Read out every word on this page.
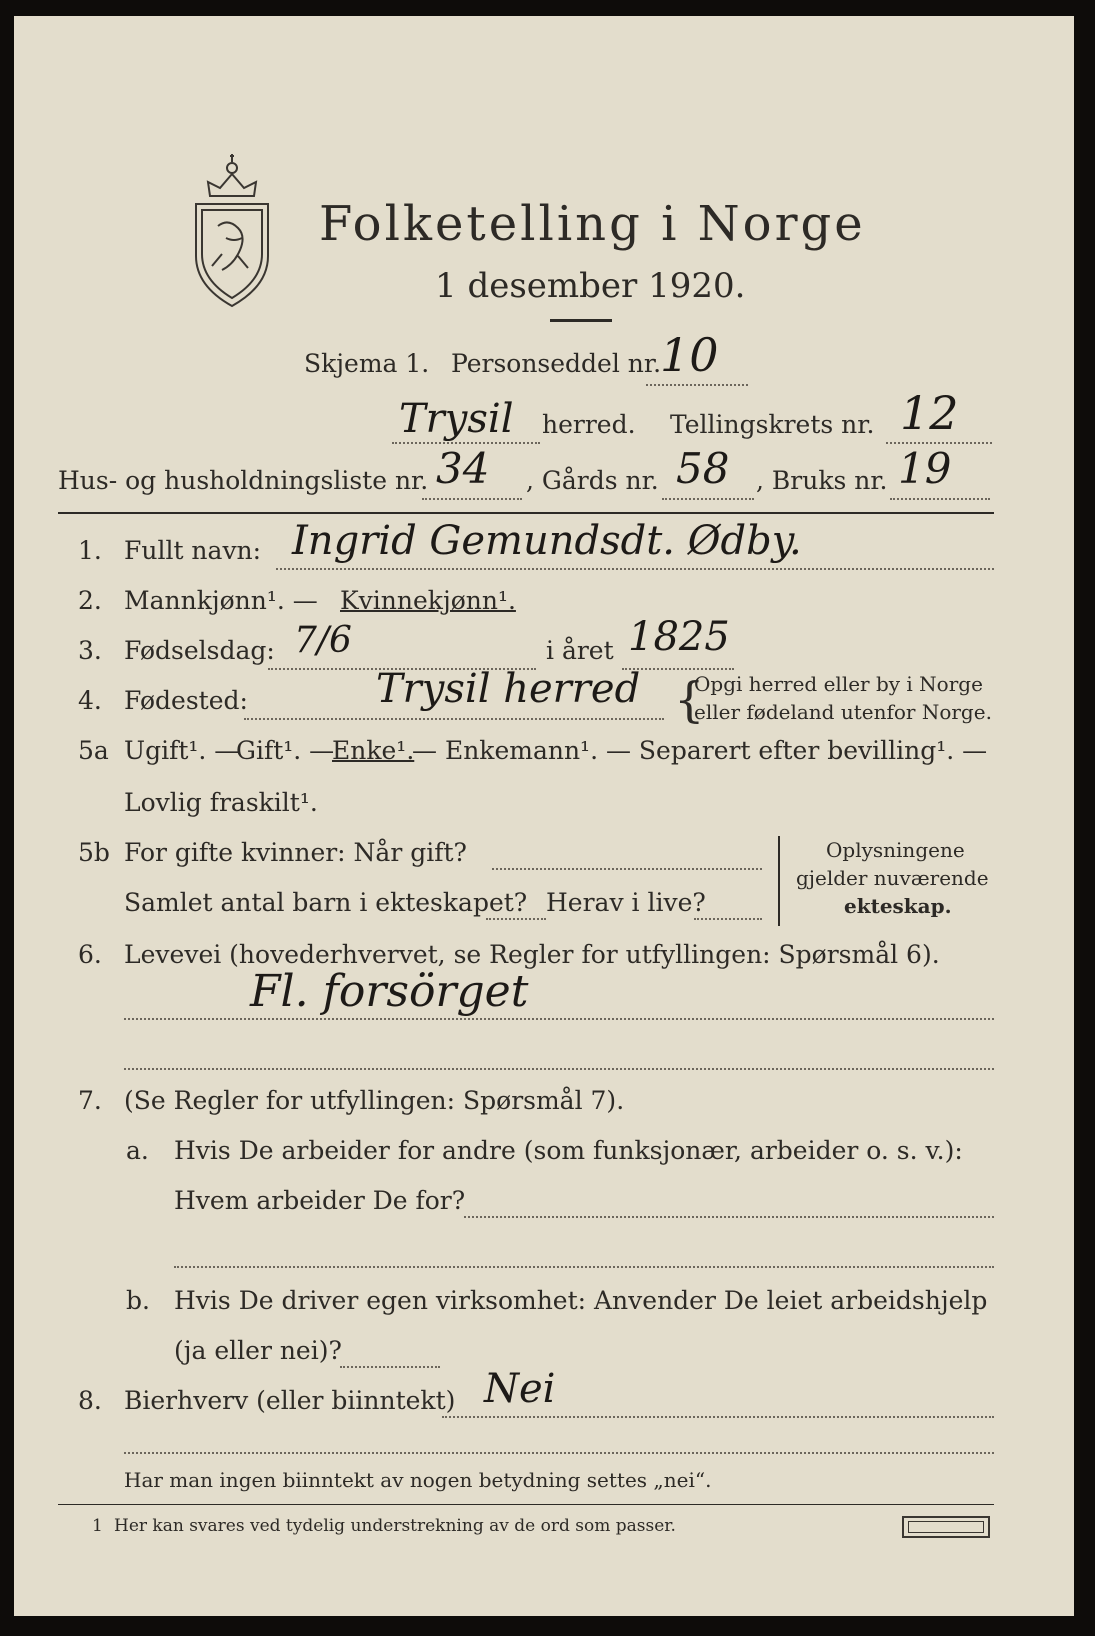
Folketelling i Norge
1 desember 1920.
Skjema 1. Personseddel nr.
10
Trysil herred. Tellingskrets nr. 12
Hus- og husholdningsliste nr. 34 , Gårds nr. 58 , Bruks nr. 19
1. Fullt navn: Ingrid Gemundsdt. Ødby.
2. Mannkjønn¹. — Kvinnekjønn¹.
3. Fødselsdag: 7/6	i året 1825
4. Fødested:	Trysil herred {
Opgi herred eller by i Norge
eller fødeland utenfor Norge.
5a Ugift¹. —
Gift¹. —
Enke¹.
— Enkemann¹. — Separert efter bevilling¹. —
Lovlig fraskilt¹.
5b For gifte kvinner: Når gift?
Samlet antal barn i ekteskapet? Herav i live?
Oplysningene
gjelder nuværende
ekteskap.
6. Levevei (hovederhvervet, se Regler for utfyllingen: Spørsmål 6).
Fl. forsörget
7. (Se Regler for utfyllingen: Spørsmål 7).
a. Hvis De arbeider for andre (som funksjonær, arbeider o. s. v.):
Hvem arbeider De for?
b. Hvis De driver egen virksomhet: Anvender De leiet arbeidshjelp
(ja eller nei)?
8. Bierhverv (eller biinntekt) Nei
Har man ingen biinntekt av nogen betydning settes „nei“.
1 Her kan svares ved tydelig understrekning av de ord som passer.
